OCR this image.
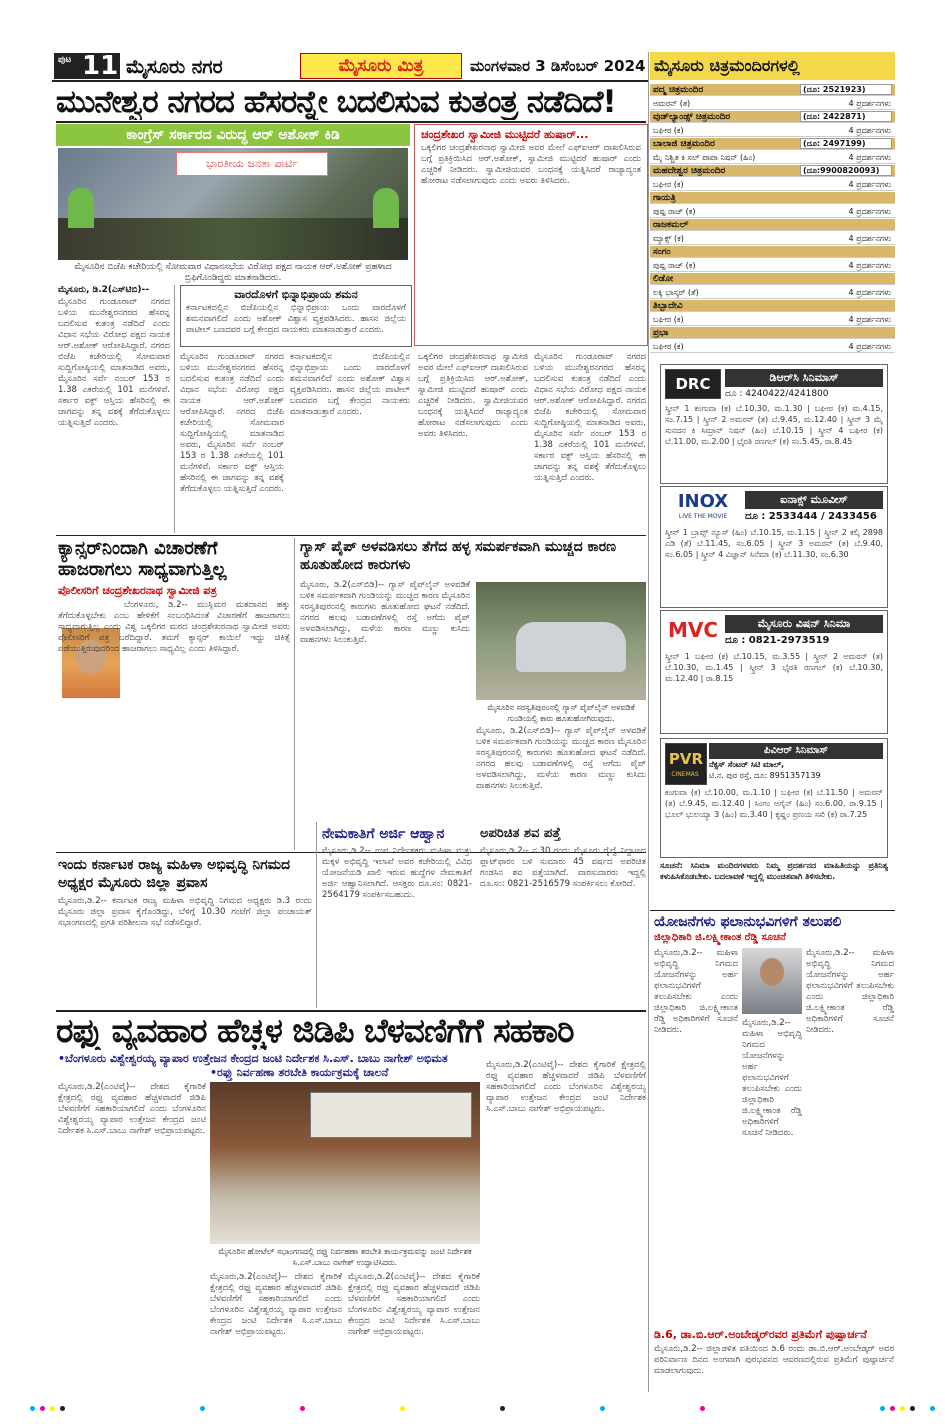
ಪುಟ 11 ಮೈಸೂರು ನಗರ	ಮೈಸೂರು ಮಿತ್ರ	ಮಂಗಳವಾರ 3 ಡಿಸೆಂಬರ್ 2024 ಮೈಸೂರು ಚಿತ್ರಮಂದಿರಗಳಲ್ಲಿ
ಮುನೇಶ್ವರ ನಗರದ ಹೆಸರನ್ನೇ ಬದಲಿಸುವ ಕುತಂತ್ರ ನಡೆದಿದೆ!
ಕಾಂಗ್ರೆಸ್ ಸರ್ಕಾರದ ವಿರುದ್ಧ ಆರ್ ಅಶೋಕ್ ಕಿಡಿ
ಭಾರತೀಯ ಜನತಾ ಪಾರ್ಟಿ
ಮೈಸೂರಿನ ಬಿಜೆಪಿ ಕಚೇರಿಯಲ್ಲಿ ಸೋಮವಾರ ವಿಧಾನಸಭೆಯ ವಿರೋಧ ಪಕ್ಷದ ನಾಯಕ ಆರ್.ಅಶೋಕ್ ಪ್ರಹಳಾದ ಬ್ರಿಫಿಗೊಂಡಿದ್ದರು ಮಾತನಾಡಿದರು.
ಚಂದ್ರಶೇಖರ ಸ್ವಾಮೀಜಿ ಮುಟ್ಟಿದರೆ ಹುಷಾರ್...
ಒಕ್ಕಲಿಗರ ಚಂದ್ರಶೇಖರನಾಥ ಸ್ವಾಮೀಜಿ ಅವರ ಮೇಲೆ ಎಫ್‌ಐಆರ್ ದಾಖಲಿಸಿರುವ ಬಗ್ಗೆ ಪ್ರತಿಕ್ರಿಯಿಸಿದ ಆರ್.ಅಶೋಕ್, ಸ್ವಾಮೀಜಿ ಮುಟ್ಟಿದರೆ ಹುಷಾರ್ ಎಂದು ಎಚ್ಚರಿಕೆ ನೀಡಿದರು. ಸ್ವಾಮೀಜಿಯವರ ಬಂಧನಕ್ಕೆ ಯತ್ನಿಸಿದರೆ ರಾಜ್ಯಾದ್ಯಂತ ಹೋರಾಟ ನಡೆಸಲಾಗುವುದು ಎಂದು ಅವರು ತಿಳಿಸಿದರು.
ಮೈಸೂರು, ಡಿ.2(ಎಸ್‌ಟಿಬಿ)--
ಮೈಸೂರಿನ ಗುಂಡೂರಾವ್ ನಗರದ ಬಳಿಯ ಮುನೇಶ್ವರನಗರದ ಹೆಸರನ್ನ ಬದಲಿಸುವ ಕುತಂತ್ರ ನಡೆದಿದೆ ಎಂದು ವಿಧಾನ ಸಭೆಯ ವಿರೋಧ ಪಕ್ಷದ ನಾಯಕ ಆರ್.ಅಶೋಕ್ ಆರೋಪಿಸಿದ್ದಾರೆ. ನಗರದ ಬಿಜೆಪಿ ಕಚೇರಿಯಲ್ಲಿ ಸೋಮವಾರ ಸುದ್ದಿಗೋಷ್ಠಿಯಲ್ಲಿ ಮಾತನಾಡಿದ ಅವರು, ಮೈಸೂರಿನ ಸರ್ವೆ ನಂಬರ್ 153 ರ 1.38 ಎಕರೆಯಲ್ಲಿ 101 ಮನೆಗಳಿವೆ. ಸರ್ಕಾರ ವಕ್ಫ್ ಆಸ್ತಿಯ ಹೆಸರಿನಲ್ಲಿ ಈ ಜಾಗವನ್ನು ತನ್ನ ವಶಕ್ಕೆ ತೆಗೆದುಕೊಳ್ಳಲು ಯತ್ನಿಸುತ್ತಿದೆ ಎಂದರು.
ವಾರದೊಳಗೆ ಭಿನ್ನಾಭಿಪ್ರಾಯ ಶಮನ
ಕರ್ನಾಟಕದಲ್ಲಿನ ಬಿಜೆಪಿಯಲ್ಲಿನ ಭಿನ್ನಾಭಿಪ್ರಾಯ ಒಂದು ವಾರದೊಳಗೆ ಶಮನವಾಗಲಿದೆ ಎಂದು ಅಶೋಕ್ ವಿಶ್ವಾಸ ವ್ಯಕ್ತಪಡಿಸಿದರು. ಹಾಸನ ಜಿಲ್ಲೆಯ ಪಾಟೀಲ್ ಬಣದವರ ಬಗ್ಗೆ ಕೇಂದ್ರದ ನಾಯಕರು ಮಾತನಾಡುತ್ತಾರೆ ಎಂದರು.
ಮೈಸೂರಿನ ಗುಂಡೂರಾವ್ ನಗರದ ಬಳಿಯ ಮುನೇಶ್ವರನಗರದ ಹೆಸರನ್ನ ಬದಲಿಸುವ ಕುತಂತ್ರ ನಡೆದಿದೆ ಎಂದು ವಿಧಾನ ಸಭೆಯ ವಿರೋಧ ಪಕ್ಷದ ನಾಯಕ ಆರ್.ಅಶೋಕ್ ಆರೋಪಿಸಿದ್ದಾರೆ. ನಗರದ ಬಿಜೆಪಿ ಕಚೇರಿಯಲ್ಲಿ ಸೋಮವಾರ ಸುದ್ದಿಗೋಷ್ಠಿಯಲ್ಲಿ ಮಾತನಾಡಿದ ಅವರು, ಮೈಸೂರಿನ ಸರ್ವೆ ನಂಬರ್ 153 ರ 1.38 ಎಕರೆಯಲ್ಲಿ 101 ಮನೆಗಳಿವೆ. ಸರ್ಕಾರ ವಕ್ಫ್ ಆಸ್ತಿಯ ಹೆಸರಿನಲ್ಲಿ ಈ ಜಾಗವನ್ನು ತನ್ನ ವಶಕ್ಕೆ ತೆಗೆದುಕೊಳ್ಳಲು ಯತ್ನಿಸುತ್ತಿದೆ ಎಂದರು.
ಕರ್ನಾಟಕದಲ್ಲಿನ ಬಿಜೆಪಿಯಲ್ಲಿನ ಭಿನ್ನಾಭಿಪ್ರಾಯ ಒಂದು ವಾರದೊಳಗೆ ಶಮನವಾಗಲಿದೆ ಎಂದು ಅಶೋಕ್ ವಿಶ್ವಾಸ ವ್ಯಕ್ತಪಡಿಸಿದರು. ಹಾಸನ ಜಿಲ್ಲೆಯ ಪಾಟೀಲ್ ಬಣದವರ ಬಗ್ಗೆ ಕೇಂದ್ರದ ನಾಯಕರು ಮಾತನಾಡುತ್ತಾರೆ ಎಂದರು.
ಒಕ್ಕಲಿಗರ ಚಂದ್ರಶೇಖರನಾಥ ಸ್ವಾಮೀಜಿ ಅವರ ಮೇಲೆ ಎಫ್‌ಐಆರ್ ದಾಖಲಿಸಿರುವ ಬಗ್ಗೆ ಪ್ರತಿಕ್ರಿಯಿಸಿದ ಆರ್.ಅಶೋಕ್, ಸ್ವಾಮೀಜಿ ಮುಟ್ಟಿದರೆ ಹುಷಾರ್ ಎಂದು ಎಚ್ಚರಿಕೆ ನೀಡಿದರು. ಸ್ವಾಮೀಜಿಯವರ ಬಂಧನಕ್ಕೆ ಯತ್ನಿಸಿದರೆ ರಾಜ್ಯಾದ್ಯಂತ ಹೋರಾಟ ನಡೆಸಲಾಗುವುದು ಎಂದು ಅವರು ತಿಳಿಸಿದರು.
ಮೈಸೂರಿನ ಗುಂಡೂರಾವ್ ನಗರದ ಬಳಿಯ ಮುನೇಶ್ವರನಗರದ ಹೆಸರನ್ನ ಬದಲಿಸುವ ಕುತಂತ್ರ ನಡೆದಿದೆ ಎಂದು ವಿಧಾನ ಸಭೆಯ ವಿರೋಧ ಪಕ್ಷದ ನಾಯಕ ಆರ್.ಅಶೋಕ್ ಆರೋಪಿಸಿದ್ದಾರೆ. ನಗರದ ಬಿಜೆಪಿ ಕಚೇರಿಯಲ್ಲಿ ಸೋಮವಾರ ಸುದ್ದಿಗೋಷ್ಠಿಯಲ್ಲಿ ಮಾತನಾಡಿದ ಅವರು, ಮೈಸೂರಿನ ಸರ್ವೆ ನಂಬರ್ 153 ರ 1.38 ಎಕರೆಯಲ್ಲಿ 101 ಮನೆಗಳಿವೆ. ಸರ್ಕಾರ ವಕ್ಫ್ ಆಸ್ತಿಯ ಹೆಸರಿನಲ್ಲಿ ಈ ಜಾಗವನ್ನು ತನ್ನ ವಶಕ್ಕೆ ತೆಗೆದುಕೊಳ್ಳಲು ಯತ್ನಿಸುತ್ತಿದೆ ಎಂದರು.
ಕ್ಯಾನ್ಸರ್‌ನಿಂದಾಗಿ ವಿಚಾರಣೆಗೆ ಹಾಜರಾಗಲು ಸಾಧ್ಯವಾಗುತ್ತಿಲ್ಲ
ಪೊಲೀಸರಿಗೆ ಚಂದ್ರಶೇಖರನಾಥ ಸ್ವಾಮೀಜಿ ಪತ್ರ
ಬೆಂಗಳೂರು, ಡಿ.2-- ಮುಸ್ಲಿಮರ ಮತದಾನದ ಹಕ್ಕು ತೆಗೆದುಕೊಳ್ಳಬೇಕು ಎಂಬ ಹೇಳಿಕೆಗೆ ಸಂಬಂಧಿಸಿದಂತೆ ವಿಚಾರಣೆಗೆ ಹಾಜರಾಗಲು ಸಾಧ್ಯವಾಗುತ್ತಿಲ್ಲ ಎಂದು ವಿಶ್ವ ಒಕ್ಕಲಿಗರ ಮಠದ ಚಂದ್ರಶೇಖರನಾಥ ಸ್ವಾಮೀಜಿ ಅವರು ಪೊಲೀಸರಿಗೆ ಪತ್ರ ಬರೆದಿದ್ದಾರೆ. ತಮಗೆ ಕ್ಯಾನ್ಸರ್ ಕಾಯಿಲೆ ಇದ್ದು ಚಿಕಿತ್ಸೆ ಪಡೆಯುತ್ತಿರುವುದರಿಂದ ಹಾಜರಾಗಲು ಸಾಧ್ಯವಿಲ್ಲ ಎಂದು ತಿಳಿಸಿದ್ದಾರೆ.
ಗ್ಯಾಸ್ ಪೈಪ್ ಅಳವಡಿಸಲು ತೆಗೆದ ಹಳ್ಳ ಸಮರ್ಪಕವಾಗಿ ಮುಚ್ಚದ ಕಾರಣ ಹೂತುಹೋದ ಕಾರುಗಳು
ಮೈಸೂರು, ಡಿ.2(ಎಸ್‌ಬಿಡಿ)-- ಗ್ಯಾಸ್ ಪೈಪ್‌ಲೈನ್ ಅಳವಡಿಕೆ ಬಳಿಕ ಸಮರ್ಪಕವಾಗಿ ಗುಂಡಿಯನ್ನು ಮುಚ್ಚದ ಕಾರಣ ಮೈಸೂರಿನ ಸರಸ್ವತಿಪುರಂನಲ್ಲಿ ಕಾರುಗಳು ಹೂತುಹೋದ ಘಟನೆ ನಡೆದಿದೆ. ನಗರದ ಹಲವು ಬಡಾವಣೆಗಳಲ್ಲಿ ರಸ್ತೆ ಅಗೆದು ಪೈಪ್ ಅಳವಡಿಸಲಾಗಿದ್ದು, ಮಳೆಯ ಕಾರಣ ಮಣ್ಣು ಕುಸಿದು ವಾಹನಗಳು ಸಿಲುಕುತ್ತಿವೆ.
ಮೈಸೂರಿನ ಸರಸ್ವತಿಪುರಂನಲ್ಲಿ ಗ್ಯಾಸ್ ಪೈಪ್‌ಲೈನ್ ಅಳವಡಿಕೆ ಗುಂಡಿಯಲ್ಲಿ ಕಾರು ಹೂತುಹೋಗಿರುವುದು.
ಮೈಸೂರು, ಡಿ.2(ಎಸ್‌ಬಿಡಿ)-- ಗ್ಯಾಸ್ ಪೈಪ್‌ಲೈನ್ ಅಳವಡಿಕೆ ಬಳಿಕ ಸಮರ್ಪಕವಾಗಿ ಗುಂಡಿಯನ್ನು ಮುಚ್ಚದ ಕಾರಣ ಮೈಸೂರಿನ ಸರಸ್ವತಿಪುರಂನಲ್ಲಿ ಕಾರುಗಳು ಹೂತುಹೋದ ಘಟನೆ ನಡೆದಿದೆ. ನಗರದ ಹಲವು ಬಡಾವಣೆಗಳಲ್ಲಿ ರಸ್ತೆ ಅಗೆದು ಪೈಪ್ ಅಳವಡಿಸಲಾಗಿದ್ದು, ಮಳೆಯ ಕಾರಣ ಮಣ್ಣು ಕುಸಿದು ವಾಹನಗಳು ಸಿಲುಕುತ್ತಿವೆ.
ಇಂದು ಕರ್ನಾಟಕ ರಾಜ್ಯ ಮಹಿಳಾ ಅಭಿವೃದ್ಧಿ ನಿಗಮದ ಅಧ್ಯಕ್ಷರ ಮೈಸೂರು ಜಿಲ್ಲಾ ಪ್ರವಾಸ
ಮೈಸೂರು,ಡಿ.2-- ಕರ್ನಾಟಕ ರಾಜ್ಯ ಮಹಿಳಾ ಅಭಿವೃದ್ಧಿ ನಿಗಮದ ಅಧ್ಯಕ್ಷರು ಡಿ.3 ರಂದು ಮೈಸೂರು ಜಿಲ್ಲಾ ಪ್ರವಾಸ ಕೈಗೊಂಡಿದ್ದು, ಬೆಳಿಗ್ಗೆ 10.30 ಗಂಟೆಗೆ ಜಿಲ್ಲಾ ಪಂಚಾಯತ್ ಸಭಾಂಗಣದಲ್ಲಿ ಪ್ರಗತಿ ಪರಿಶೀಲನಾ ಸಭೆ ನಡೆಸಲಿದ್ದಾರೆ.
ನೇಮಕಾತಿಗೆ ಅರ್ಜಿ ಆಹ್ವಾನ
ಮೈಸೂರು,ಡಿ.2-- ಉಪ ನಿರ್ದೇಶಕರು ಮಹಿಳಾ ಮತ್ತು ಮಕ್ಕಳ ಅಭಿವೃದ್ಧಿ ಇಲಾಖೆ ಅವರ ಕಚೇರಿಯಲ್ಲಿ ವಿವಿಧ ಯೋಜನೆಯಡಿ ಖಾಲಿ ಇರುವ ಹುದ್ದೆಗಳ ನೇಮಕಾತಿಗೆ ಅರ್ಜಿ ಆಹ್ವಾನಿಸಲಾಗಿದೆ. ಆಸಕ್ತರು ದೂ.ಸಂ: 0821-2564179 ಸಂಪರ್ಕಿಸಬಹುದು.
ಅಪರಿಚಿತ ಶವ ಪತ್ತೆ
ಮೈಸೂರು,ಡಿ.2-- ನ.30 ರಂದು ಮೈಸೂರು ರೈಲ್ವೆ ನಿಲ್ದಾಣದ ಪ್ಲಾಟ್‌ಫಾರಂ ಬಳಿ ಸುಮಾರು 45 ವರ್ಷದ ಅಪರಿಚಿತ ಗಂಡಸಿನ ಶವ ಪತ್ತೆಯಾಗಿದೆ. ವಾರಸುದಾರರು ಇದ್ದಲ್ಲಿ ದೂ.ಸಂ: 0821-2516579 ಸಂಪರ್ಕಿಸಲು ಕೋರಿದೆ.
ರಫ್ತು ವ್ಯವಹಾರ ಹೆಚ್ಚಳ ಜಿಡಿಪಿ ಬೆಳವಣಿಗೆಗೆ ಸಹಕಾರಿ
•ಬೆಂಗಳೂರು ವಿಶ್ವೇಶ್ವರಯ್ಯ ವ್ಯಾಪಾರ ಉತ್ತೇಜನ ಕೇಂದ್ರದ ಜಂಟಿ ನಿರ್ದೇಶಕ ಸಿ.ಎಸ್. ಬಾಬು ನಾಗೇಶ್ ಅಭಿಮತ
•ರಫ್ತು ನಿರ್ವಹಣಾ ತರಬೇತಿ ಕಾರ್ಯಕ್ರಮಕ್ಕೆ ಚಾಲನೆ
ಮೈಸೂರು,ಡಿ.2(ಎಂಟಿವೈ)-- ದೇಶದ ಕೈಗಾರಿಕೆ ಕ್ಷೇತ್ರದಲ್ಲಿ ರಫ್ತು ವ್ಯವಹಾರ ಹೆಚ್ಚಳವಾದರೆ ಜಿಡಿಪಿ ಬೆಳವಣಿಗೆಗೆ ಸಹಕಾರಿಯಾಗಲಿದೆ ಎಂದು ಬೆಂಗಳೂರಿನ ವಿಶ್ವೇಶ್ವರಯ್ಯ ವ್ಯಾಪಾರ ಉತ್ತೇಜನ ಕೇಂದ್ರದ ಜಂಟಿ ನಿರ್ದೇಶಕ ಸಿ.ಎಸ್.ಬಾಬು ನಾಗೇಶ್ ಅಭಿಪ್ರಾಯಪಟ್ಟರು.
ಮೈಸೂರಿನ ಹೋಟೆಲ್ ಸಭಾಂಗಣದಲ್ಲಿ ರಫ್ತು ನಿರ್ವಹಣಾ ತರಬೇತಿ ಕಾರ್ಯಕ್ರಮವನ್ನು ಜಂಟಿ ನಿರ್ದೇಶಕ ಸಿ.ಎಸ್.ಬಾಬು ನಾಗೇಶ್ ಉದ್ಘಾಟಿಸಿದರು.
ಮೈಸೂರು,ಡಿ.2(ಎಂಟಿವೈ)-- ದೇಶದ ಕೈಗಾರಿಕೆ ಕ್ಷೇತ್ರದಲ್ಲಿ ರಫ್ತು ವ್ಯವಹಾರ ಹೆಚ್ಚಳವಾದರೆ ಜಿಡಿಪಿ ಬೆಳವಣಿಗೆಗೆ ಸಹಕಾರಿಯಾಗಲಿದೆ ಎಂದು ಬೆಂಗಳೂರಿನ ವಿಶ್ವೇಶ್ವರಯ್ಯ ವ್ಯಾಪಾರ ಉತ್ತೇಜನ ಕೇಂದ್ರದ ಜಂಟಿ ನಿರ್ದೇಶಕ ಸಿ.ಎಸ್.ಬಾಬು ನಾಗೇಶ್ ಅಭಿಪ್ರಾಯಪಟ್ಟರು.
ಮೈಸೂರು,ಡಿ.2(ಎಂಟಿವೈ)-- ದೇಶದ ಕೈಗಾರಿಕೆ ಕ್ಷೇತ್ರದಲ್ಲಿ ರಫ್ತು ವ್ಯವಹಾರ ಹೆಚ್ಚಳವಾದರೆ ಜಿಡಿಪಿ ಬೆಳವಣಿಗೆಗೆ ಸಹಕಾರಿಯಾಗಲಿದೆ ಎಂದು ಬೆಂಗಳೂರಿನ ವಿಶ್ವೇಶ್ವರಯ್ಯ ವ್ಯಾಪಾರ ಉತ್ತೇಜನ ಕೇಂದ್ರದ ಜಂಟಿ ನಿರ್ದೇಶಕ ಸಿ.ಎಸ್.ಬಾಬು ನಾಗೇಶ್ ಅಭಿಪ್ರಾಯಪಟ್ಟರು.
ಮೈಸೂರು,ಡಿ.2(ಎಂಟಿವೈ)-- ದೇಶದ ಕೈಗಾರಿಕೆ ಕ್ಷೇತ್ರದಲ್ಲಿ ರಫ್ತು ವ್ಯವಹಾರ ಹೆಚ್ಚಳವಾದರೆ ಜಿಡಿಪಿ ಬೆಳವಣಿಗೆಗೆ ಸಹಕಾರಿಯಾಗಲಿದೆ ಎಂದು ಬೆಂಗಳೂರಿನ ವಿಶ್ವೇಶ್ವರಯ್ಯ ವ್ಯಾಪಾರ ಉತ್ತೇಜನ ಕೇಂದ್ರದ ಜಂಟಿ ನಿರ್ದೇಶಕ ಸಿ.ಎಸ್.ಬಾಬು ನಾಗೇಶ್ ಅಭಿಪ್ರಾಯಪಟ್ಟರು.
ಪದ್ಮ ಚಿತ್ರಮಂದಿರ	(ದೂ: 2521923)
ಅಮರನ್ (ತ)	4 ಪ್ರದರ್ಶನಗಳು
ವುಡ್‌ಲ್ಯಾಂಡ್ಸ್ ಚಿತ್ರಮಂದಿರ	(ದೂ: 2422871)
ಬಘೀರ (ಕ)	4 ಪ್ರದರ್ಶನಗಳು
ಬಾಲಾಜಿ ಚಿತ್ರಮಂದಿರ	(ದೂ: 2497199)
ಮೈ ನಿಶ್ಚಿತ ಕಿ ಸಲ್ ಪಾಪಾ ನಿಷನ್ (ಹಿಂ)	4 ಪ್ರದರ್ಶನಗಳು
ಮಹದೇಶ್ವರ ಚಿತ್ರಮಂದಿರ	(ದೂ:9900820093)
ಬಘೀರ (ಕ)	4 ಪ್ರದರ್ಶನಗಳು
ಗಾಯತ್ರಿ
ಪುಷ್ಪ ರಾಜ್ (ಕ)	4 ಪ್ರದರ್ಶನಗಳು
ರಾಜಕಮಲ್
ಮ್ಯಾಕ್ಸ್ (ಕ)	4 ಪ್ರದರ್ಶನಗಳು
ಸಂಗಂ
ಪುಷ್ಪ ರಾಜ್ (ಕ)	4 ಪ್ರದರ್ಶನಗಳು
ಲಿಡೋ
ಲಕ್ಕಿ ಭಾಸ್ಕರ್ (ತೆ)	4 ಪ್ರದರ್ಶನಗಳು
ತಿಬ್ಬಾದೇವಿ
ಬಘೀರ (ಕ)	4 ಪ್ರದರ್ಶನಗಳು
ಪ್ರಭಾ
ಬಘೀರ (ಕ)	4 ಪ್ರದರ್ಶನಗಳು
DRC	ಡಿಆರ್‌ಸಿ ಸಿನಿಮಾಸ್
ದೂ : 4240422/4241800
ಸ್ಕ್ರೀನ್ 1 ಕಂಗುವಾ (ಕ) ಬೆ.10.30, ಮ.1.30 | ಬಘೀರ (ಕ) ಮ.4.15, ಸಂ.7.15 | ಸ್ಕ್ರೀನ್ 2 ಅಮರನ್ (ತ) ಬೆ.9.45, ಮ.12.40 | ಸ್ಕ್ರೀನ್ 3 ಮೈ ಸುನದನ ಕಿ ಸಿಮ್ರಾನ್ ನಿಷನ್ (ಹಿಂ) ಬೆ.10.15 | ಸ್ಕ್ರೀನ್ 4 ಬಘೀರ (ಕ) ಬೆ.11.00, ಮ.2.00 | ಭೈರತಿ ರಣಗಲ್ (ಕ) ಸಂ.5.45, ರಾ.8.45
INOX
LIVE THE MOVIE
ಐನಾಕ್ಸ್ ಮೂವೀಸ್
ದೂ : 2533444 / 2433456
ಸ್ಕ್ರೀನ್ 1 ಬ್ರಾವ್ಸ್ ನ್ಯೂಸ್ (ಹಿಂ) ಬೆ.10.15, ಮ.1.15 | ಸ್ಕ್ರೀನ್ 2 ಕಲ್ಕಿ 2898 ಎಡಿ (ತೆ) ಬೆ.11.45, ಸಂ.6.05 | ಸ್ಕ್ರೀನ್ 3 ಅಮರನ್ (ತ) ಬೆ.9.40, ಸಂ.6.05 | ಸ್ಕ್ರೀನ್ 4 ವಿಜ್ಞಾನ್ ಸಿನೆಮಾ (ಕ) ಬೆ.11.30, ಸಂ.6.30
MVC	ಮೈಸೂರು ವಿಷನ್ ಸಿನಿಮಾ
ದೂ : 0821-2973519
ಸ್ಕ್ರೀನ್ 1 ಬಘೀರ (ಕ) ಬೆ.10.15, ಮ.3.55 | ಸ್ಕ್ರೀನ್ 2 ಅಮರನ್ (ತ) ಬೆ.10.30, ಮ.1.45 | ಸ್ಕ್ರೀನ್ 3 ಭೈರತಿ ರಣಗಲ್ (ಕ) ಬೆ.10.30, ಮ.12.40 | ರಾ.8.15
PVR
CINEMAS
ಪಿವಿಆರ್ ಸಿನಿಮಾಸ್
ನೆಕ್ಸಸ್ ಸೆಂಟರ್ ಸಿಟಿ ಮಾಲ್,
ಟಿ.ನ. ಪುರ ರಸ್ತೆ, ದೂ: 8951357139
ಕಂಗುವಾ (ಕ) ಬೆ.10.00, ಮ.1.10 | ಬಘೀರ (ಕ) ಬೆ.11.50 | ಅಮರನ್ (ತ) ಬೆ.9.45, ಮ.12.40 | ಸಿಂಗಂ ಅಗೈನ್ (ಹಿಂ) ಸಂ.6.00, ರಾ.9.15 | ಭೂಲ್ ಭುಲಯ್ಯಾ 3 (ಹಿಂ) ಮ.3.40 | ಕೃಷ್ಣಂ ಪ್ರಣಯ ಸಖಿ (ಕ) ರಾ.7.25
ಸೂಚನೆ: ಸಿನಿಮಾ ಮಂದಿರಗಳವರು ನಿಮ್ಮ ಪ್ರದರ್ಶನದ ಮಾಹಿತಿಯನ್ನು ಪ್ರತಿನಿತ್ಯ ಕಳುಹಿಸಿಕೊಡಬೇಕು. ಬದಲಾವಣೆ ಇದ್ದಲ್ಲಿ ಮುಂಚಿತವಾಗಿ ತಿಳಿಸಬೇಕು.
ಯೋಜನೆಗಳು ಫಲಾನುಭವಿಗಳಿಗೆ ತಲುಪಲಿ
ಜಿಲ್ಲಾಧಿಕಾರಿ ಜಿ.ಲಕ್ಷ್ಮೀಕಾಂತ ರೆಡ್ಡಿ ಸೂಚನೆ
ಮೈಸೂರು,ಡಿ.2-- ಮಹಿಳಾ ಅಭಿವೃದ್ಧಿ ನಿಗಮದ ಯೋಜನೆಗಳನ್ನು ಅರ್ಹ ಫಲಾನುಭವಿಗಳಿಗೆ ತಲುಪಿಸಬೇಕು ಎಂದು ಜಿಲ್ಲಾಧಿಕಾರಿ ಜಿ.ಲಕ್ಷ್ಮೀಕಾಂತ ರೆಡ್ಡಿ ಅಧಿಕಾರಿಗಳಿಗೆ ಸೂಚನೆ ನೀಡಿದರು.
ಮೈಸೂರು,ಡಿ.2-- ಮಹಿಳಾ ಅಭಿವೃದ್ಧಿ ನಿಗಮದ ಯೋಜನೆಗಳನ್ನು ಅರ್ಹ ಫಲಾನುಭವಿಗಳಿಗೆ ತಲುಪಿಸಬೇಕು ಎಂದು ಜಿಲ್ಲಾಧಿಕಾರಿ ಜಿ.ಲಕ್ಷ್ಮೀಕಾಂತ ರೆಡ್ಡಿ ಅಧಿಕಾರಿಗಳಿಗೆ ಸೂಚನೆ ನೀಡಿದರು.
ಮೈಸೂರು,ಡಿ.2-- ಮಹಿಳಾ ಅಭಿವೃದ್ಧಿ ನಿಗಮದ ಯೋಜನೆಗಳನ್ನು ಅರ್ಹ ಫಲಾನುಭವಿಗಳಿಗೆ ತಲುಪಿಸಬೇಕು ಎಂದು ಜಿಲ್ಲಾಧಿಕಾರಿ ಜಿ.ಲಕ್ಷ್ಮೀಕಾಂತ ರೆಡ್ಡಿ ಅಧಿಕಾರಿಗಳಿಗೆ ಸೂಚನೆ ನೀಡಿದರು.
ಡಿ.6, ಡಾ.ಬಿ.ಆರ್.ಅಂಬೇಡ್ಕರ್‌ರವರ ಪ್ರತಿಮೆಗೆ ಪುಷ್ಪಾರ್ಚನೆ
ಮೈಸೂರು,ಡಿ.2-- ಜಿಲ್ಲಾಡಳಿತ ವತಿಯಿಂದ ಡಿ.6 ರಂದು ಡಾ.ಬಿ.ಆರ್.ಅಂಬೇಡ್ಕರ್ ಅವರ ಪರಿನಿರ್ವಾಣ ದಿನದ ಅಂಗವಾಗಿ ಪುರಭವನದ ಆವರಣದಲ್ಲಿರುವ ಪ್ರತಿಮೆಗೆ ಪುಷ್ಪಾರ್ಚನೆ ಮಾಡಲಾಗುವುದು.
